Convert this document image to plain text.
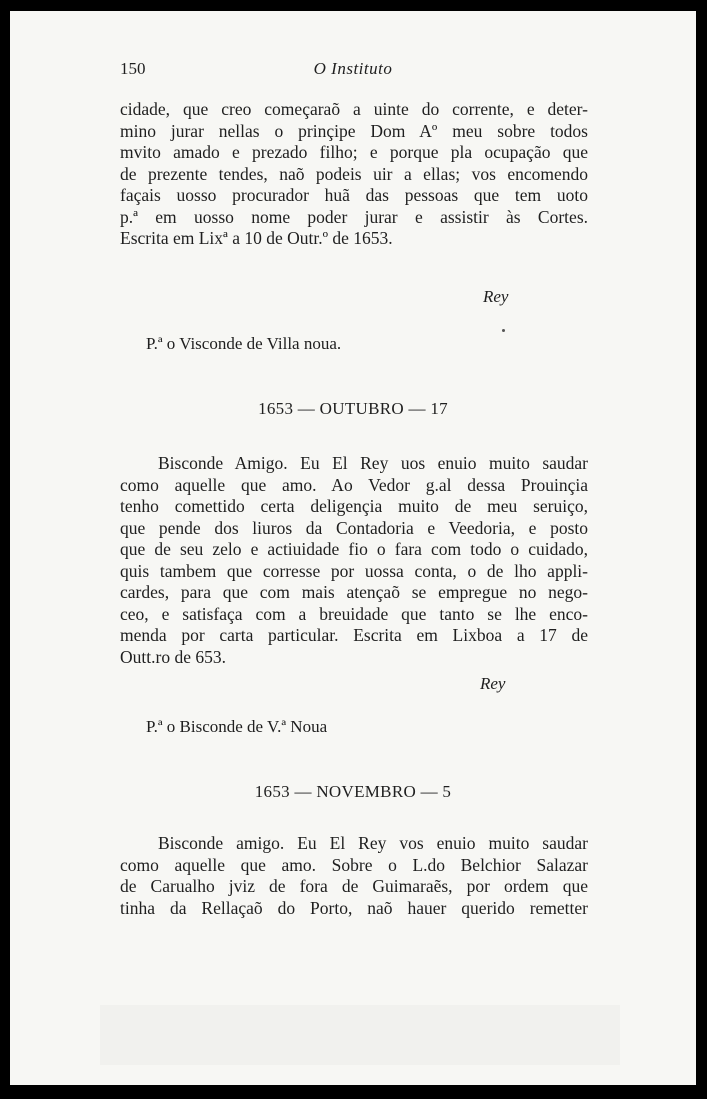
150	O Instituto
cidade, que creo começaraõ a uinte do corrente, e deter-
mino jurar nellas o prinçipe Dom Aº meu sobre todos
mvito amado e prezado filho; e porque pla ocupação que
de prezente tendes, naõ podeis uir a ellas; vos encomendo
façais uosso procurador huã das pessoas que tem uoto
p.ª em uosso nome poder jurar e assistir às Cortes.
Escrita em Lixª a 10 de Outr.º de 1653.
Rey
P.ª o Visconde de Villa noua.
1653 — OUTUBRO — 17
Bisconde Amigo. Eu El Rey uos enuio muito saudar
como aquelle que amo. Ao Vedor g.al dessa Prouinçia
tenho comettido certa deligençia muito de meu seruiço,
que pende dos liuros da Contadoria e Veedoria, e posto
que de seu zelo e actiuidade fio o fara com todo o cuidado,
quis tambem que corresse por uossa conta, o de lho appli-
cardes, para que com mais atençaõ se empregue no nego-
ceo, e satisfaça com a breuidade que tanto se lhe enco-
menda por carta particular. Escrita em Lixboa a 17 de
Outt.ro de 653.
Rey
P.ª o Bisconde de V.ª Noua
1653 — NOVEMBRO — 5
Bisconde amigo. Eu El Rey vos enuio muito saudar
como aquelle que amo. Sobre o L.do Belchior Salazar
de Carualho jviz de fora de Guimaraẽs, por ordem que
tinha da Rellaçaõ do Porto, naõ hauer querido remetter
